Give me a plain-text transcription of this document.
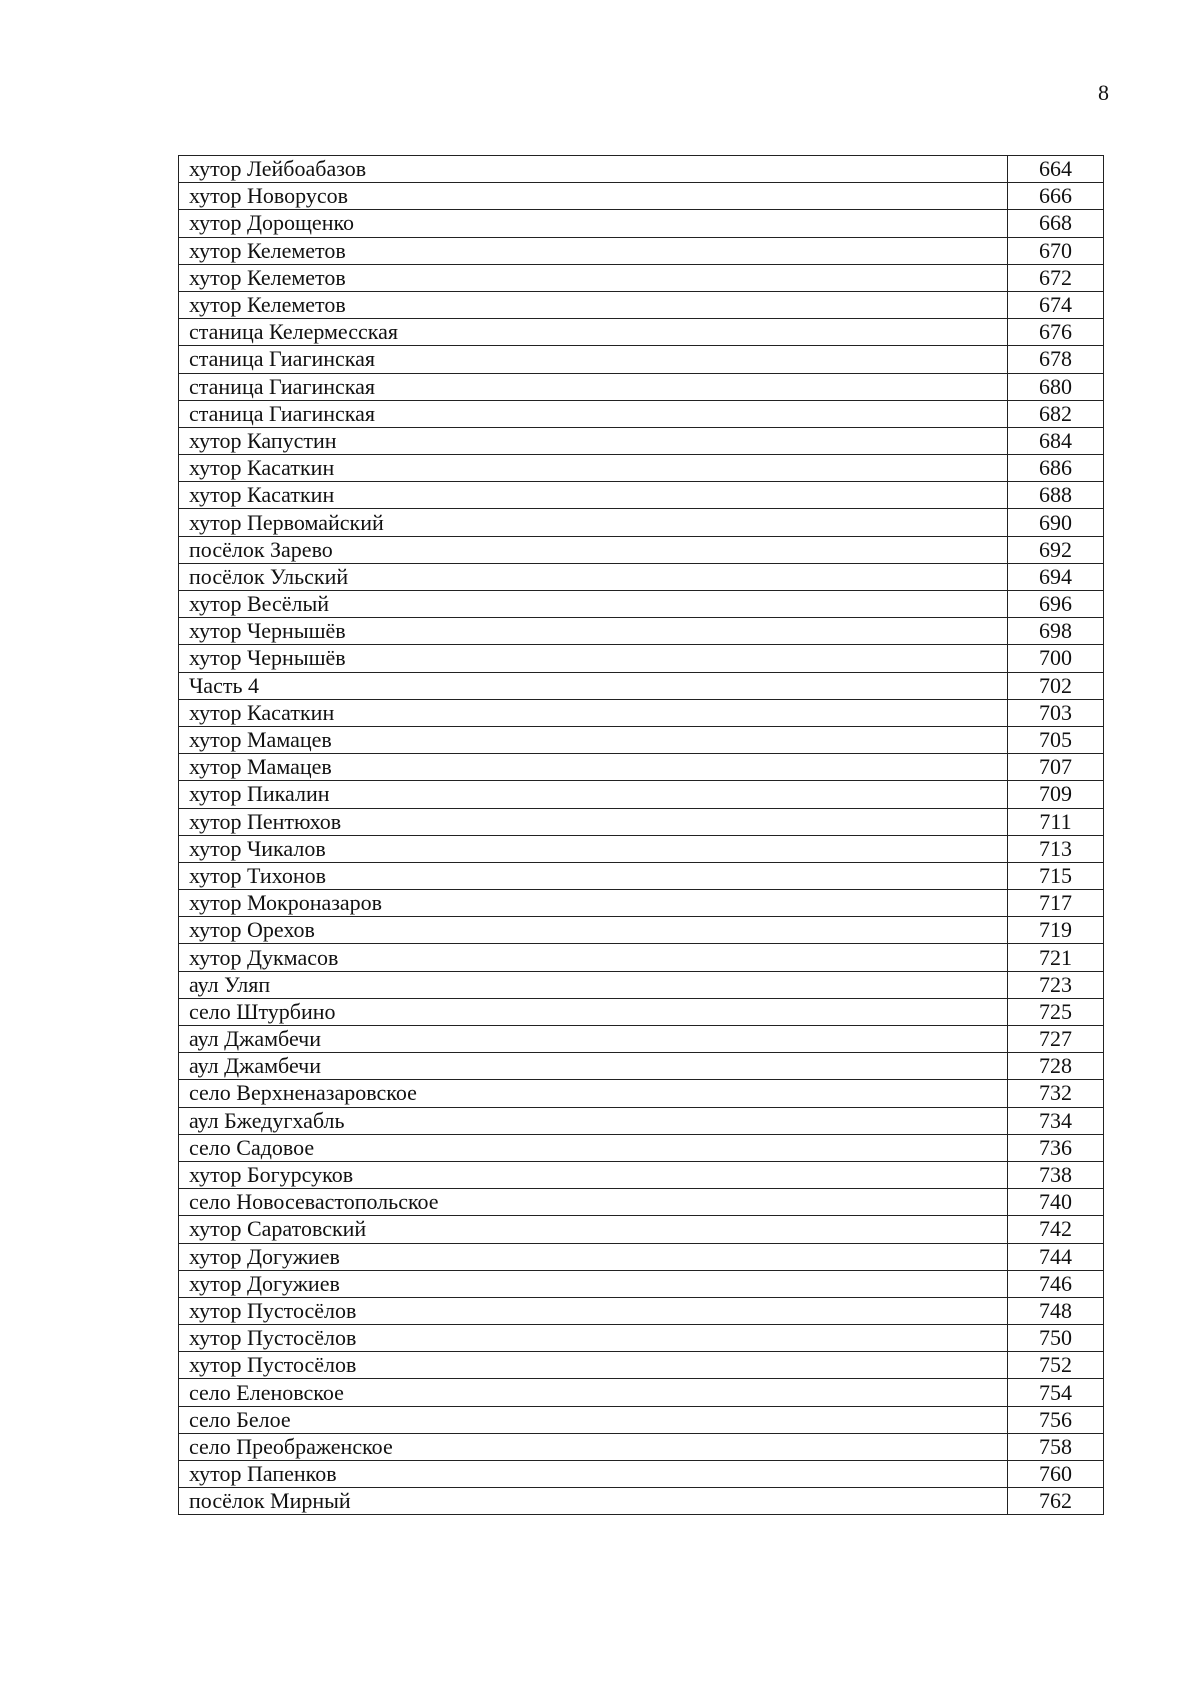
8
хутор Лейбоабазов	664
хутор Новорусов	666
хутор Дорощенко	668
хутор Келеметов	670
хутор Келеметов	672
хутор Келеметов	674
станица Келермесская	676
станица Гиагинская	678
станица Гиагинская	680
станица Гиагинская	682
хутор Капустин	684
хутор Касаткин	686
хутор Касаткин	688
хутор Первомайский	690
посёлок Зарево	692
посёлок Ульский	694
хутор Весёлый	696
хутор Чернышёв	698
хутор Чернышёв	700
Часть 4	702
хутор Касаткин	703
хутор Мамацев	705
хутор Мамацев	707
хутор Пикалин	709
хутор Пентюхов	711
хутор Чикалов	713
хутор Тихонов	715
хутор Мокроназаров	717
хутор Орехов	719
хутор Дукмасов	721
аул Уляп	723
село Штурбино	725
аул Джамбечи	727
аул Джамбечи	728
село Верхненазаровское	732
аул Бжедугхабль	734
село Садовое	736
хутор Богурсуков	738
село Новосевастопольское	740
хутор Саратовский	742
хутор Догужиев	744
хутор Догужиев	746
хутор Пустосёлов	748
хутор Пустосёлов	750
хутор Пустосёлов	752
село Еленовское	754
село Белое	756
село Преображенское	758
хутор Папенков	760
посёлок Мирный	762
